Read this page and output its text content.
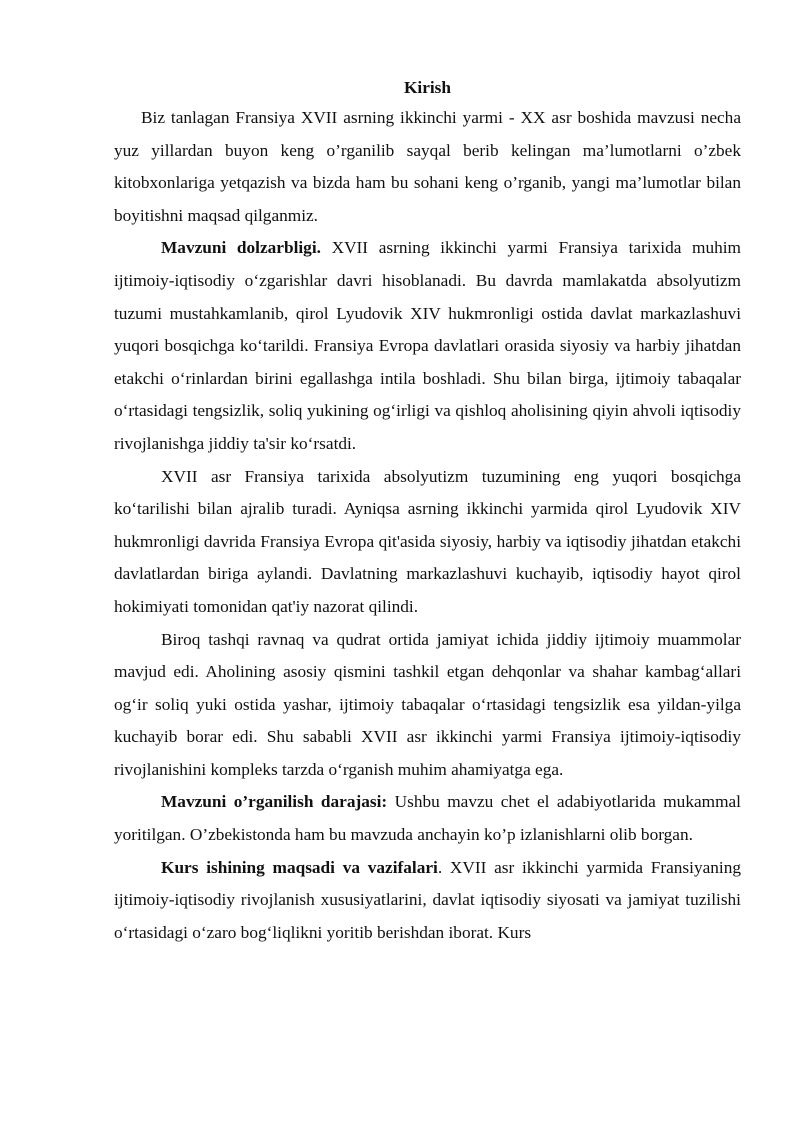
Kirish

Biz tanlagan Fransiya XVII asrning ikkinchi yarmi - XX asr boshida mavzusi necha yuz yillardan buyon keng o’rganilib sayqal berib kelingan ma’lumotlarni o’zbek kitobxonlariga yetqazish va bizda ham bu sohani keng o’rganib, yangi ma’lumotlar bilan boyitishni maqsad qilganmiz.

Mavzuni dolzarbligi. XVII asrning ikkinchi yarmi Fransiya tarixida muhim ijtimoiy-iqtisodiy o‘zgarishlar davri hisoblanadi. Bu davrda mamlakatda absolyutizm tuzumi mustahkamlanib, qirol Lyudovik XIV hukmronligi ostida davlat markazlashuvi yuqori bosqichga ko‘tarildi. Fransiya Evropa davlatlari orasida siyosiy va harbiy jihatdan etakchi o‘rinlardan birini egallashga intila boshladi. Shu bilan birga, ijtimoiy tabaqalar o‘rtasidagi tengsizlik, soliq yukining og‘irligi va qishloq aholisining qiyin ahvoli iqtisodiy rivojlanishga jiddiy ta'sir ko‘rsatdi.

XVII asr Fransiya tarixida absolyutizm tuzumining eng yuqori bosqichga ko‘tarilishi bilan ajralib turadi. Ayniqsa asrning ikkinchi yarmida qirol Lyudovik XIV hukmronligi davrida Fransiya Evropa qit'asida siyosiy, harbiy va iqtisodiy jihatdan etakchi davlatlardan biriga aylandi. Davlatning markazlashuvi kuchayib, iqtisodiy hayot qirol hokimiyati tomonidan qat'iy nazorat qilindi.

Biroq tashqi ravnaq va qudrat ortida jamiyat ichida jiddiy ijtimoiy muammolar mavjud edi. Aholining asosiy qismini tashkil etgan dehqonlar va shahar kambag‘allari og‘ir soliq yuki ostida yashar, ijtimoiy tabaqalar o‘rtasidagi tengsizlik esa yildan-yilga kuchayib borar edi. Shu sababli XVII asr ikkinchi yarmi Fransiya ijtimoiy-iqtisodiy rivojlanishini kompleks tarzda o‘rganish muhim ahamiyatga ega.

Mavzuni o’rganilish darajasi: Ushbu mavzu chet el adabiyotlarida mukammal yoritilgan. O’zbekistonda ham bu mavzuda anchayin ko’p izlanishlarni olib borgan.

Kurs ishining maqsadi va vazifalari. XVII asr ikkinchi yarmida Fransiyaning ijtimoiy-iqtisodiy rivojlanish xususiyatlarini, davlat iqtisodiy siyosati va jamiyat tuzilishi o‘rtasidagi o‘zaro bog‘liqlikni yoritib berishdan iborat. Kurs
